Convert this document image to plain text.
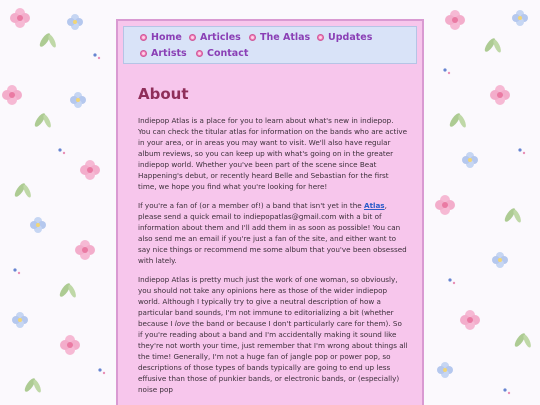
Home Articles The Atlas Updates
Artists Contact
About

Indiepop Atlas is a place for you to learn about what's new in indiepop. You can check the titular atlas for information on the bands who are active in your area, or in areas you may want to visit. We'll also have regular album reviews, so you can keep up with what's going on in the greater indiepop world. Whether you've been part of the scene since Beat Happening's debut, or recently heard Belle and Sebastian for the first time, we hope you find what you're looking for here!

If you're a fan of (or a member of!) a band that isn't yet in the Atlas, please send a quick email to indiepopatlas@gmail.com with a bit of information about them and I'll add them in as soon as possible! You can also send me an email if you're just a fan of the site, and either want to say nice things or recommend me some album that you've been obsessed with lately.

Indiepop Atlas is pretty much just the work of one woman, so obviously, you should not take any opinions here as those of the wider indiepop world. Although I typically try to give a neutral description of how a particular band sounds, I'm not immune to editorializing a bit (whether because I love the band or because I don't particularly care for them). So if you're reading about a band and I'm accidentally making it sound like they're not worth your time, just remember that I'm wrong about things all the time! Generally, I'm not a huge fan of jangle pop or power pop, so descriptions of those types of bands typically are going to end up less effusive than those of punkier bands, or electronic bands, or (especially) noise pop
